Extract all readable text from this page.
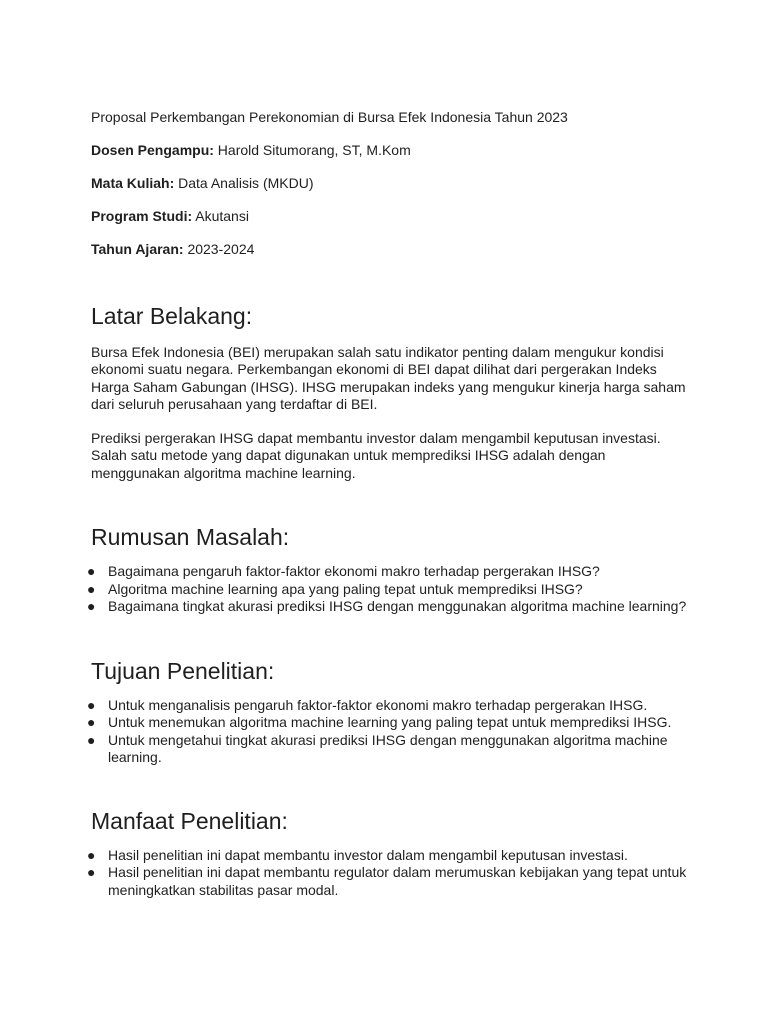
Proposal Perkembangan Perekonomian di Bursa Efek Indonesia Tahun 2023

Dosen Pengampu: Harold Situmorang, ST, M.Kom

Mata Kuliah: Data Analisis (MKDU)

Program Studi: Akutansi

Tahun Ajaran: 2023-2024

Latar Belakang:

Bursa Efek Indonesia (BEI) merupakan salah satu indikator penting dalam mengukur kondisi ekonomi suatu negara. Perkembangan ekonomi di BEI dapat dilihat dari pergerakan Indeks Harga Saham Gabungan (IHSG). IHSG merupakan indeks yang mengukur kinerja harga saham dari seluruh perusahaan yang terdaftar di BEI.

Prediksi pergerakan IHSG dapat membantu investor dalam mengambil keputusan investasi. Salah satu metode yang dapat digunakan untuk memprediksi IHSG adalah dengan menggunakan algoritma machine learning.

Rumusan Masalah:
● Bagaimana pengaruh faktor-faktor ekonomi makro terhadap pergerakan IHSG?
● Algoritma machine learning apa yang paling tepat untuk memprediksi IHSG?
● Bagaimana tingkat akurasi prediksi IHSG dengan menggunakan algoritma machine learning?
Tujuan Penelitian:
● Untuk menganalisis pengaruh faktor-faktor ekonomi makro terhadap pergerakan IHSG.
● Untuk menemukan algoritma machine learning yang paling tepat untuk memprediksi IHSG.
● Untuk mengetahui tingkat akurasi prediksi IHSG dengan menggunakan algoritma machine learning.
Manfaat Penelitian:
● Hasil penelitian ini dapat membantu investor dalam mengambil keputusan investasi.
● Hasil penelitian ini dapat membantu regulator dalam merumuskan kebijakan yang tepat untuk meningkatkan stabilitas pasar modal.
